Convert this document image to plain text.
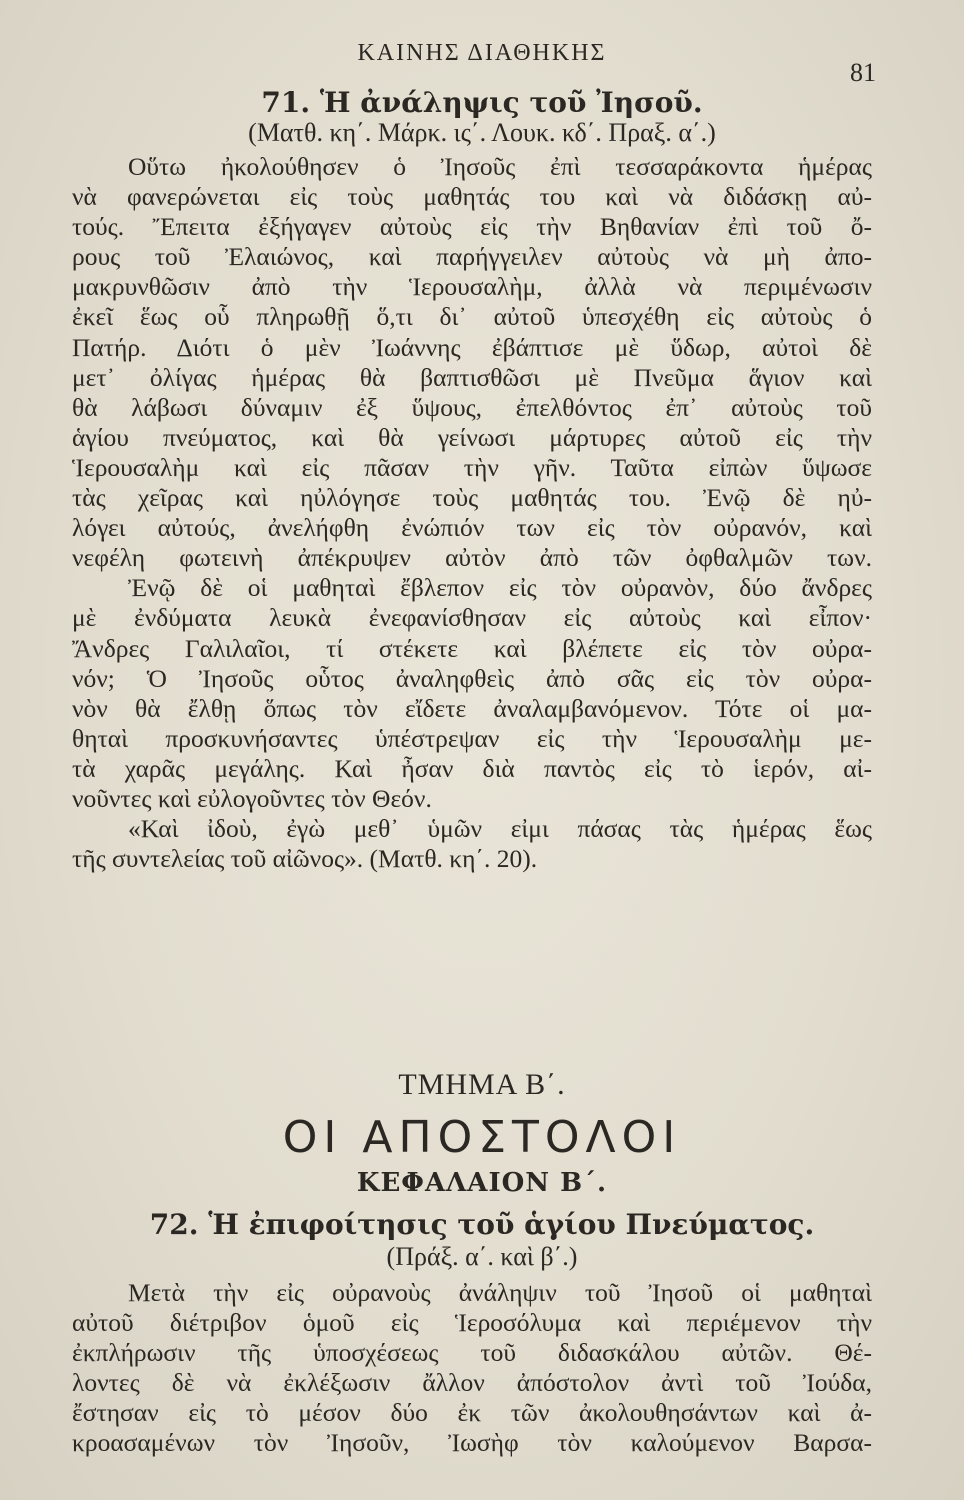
ΚΑΙΝΗΣ ΔΙΑΘΗΚΗΣ
81
71. Ἡ ἀνάληψις τοῦ Ἰησοῦ.
(Ματθ. κη΄. Μάρκ. ις΄. Λουκ. κδ΄. Πραξ. α΄.)
Οὕτω ἠκολούθησεν ὁ Ἰησοῦς ἐπὶ τεσσαράκοντα ἡμέρας
νὰ φανερώνεται εἰς τοὺς μαθητάς του καὶ νὰ διδάσκῃ αὐ-
τούς. Ἔπειτα ἐξήγαγεν αὐτοὺς εἰς τὴν Βηθανίαν ἐπὶ τοῦ ὄ-
ρους τοῦ Ἐλαιώνος, καὶ παρήγγειλεν αὐτοὺς νὰ μὴ ἀπο-
μακρυνθῶσιν ἀπὸ τὴν Ἱερουσαλὴμ, ἀλλὰ νὰ περιμένωσιν
ἐκεῖ ἕως οὗ πληρωθῇ ὅ,τι δι᾽ αὐτοῦ ὑπεσχέθη εἰς αὐτοὺς ὁ
Πατήρ. Διότι ὁ μὲν Ἰωάννης ἐβάπτισε μὲ ὕδωρ, αὐτοὶ δὲ
μετ᾽ ὀλίγας ἡμέρας θὰ βαπτισθῶσι μὲ Πνεῦμα ἅγιον καὶ
θὰ λάβωσι δύναμιν ἐξ ὕψους, ἐπελθόντος ἐπ᾽ αὐτοὺς τοῦ
ἁγίου πνεύματος, καὶ θὰ γείνωσι μάρτυρες αὐτοῦ εἰς τὴν
Ἱερουσαλὴμ καὶ εἰς πᾶσαν τὴν γῆν. Ταῦτα εἰπὼν ὕψωσε
τὰς χεῖρας καὶ ηὐλόγησε τοὺς μαθητάς του. Ἐνῷ δὲ ηὐ-
λόγει αὐτούς, ἀνελήφθη ἐνώπιόν των εἰς τὸν οὐρανόν, καὶ
νεφέλη φωτεινὴ ἀπέκρυψεν αὐτὸν ἀπὸ τῶν ὀφθαλμῶν των.
Ἐνῷ δὲ οἱ μαθηταὶ ἔβλεπον εἰς τὸν οὐρανὸν, δύο ἄνδρες
μὲ ἐνδύματα λευκὰ ἐνεφανίσθησαν εἰς αὐτοὺς καὶ εἶπον·
Ἄνδρες Γαλιλαῖοι, τί στέκετε καὶ βλέπετε εἰς τὸν οὐρα-
νόν; Ὁ Ἰησοῦς οὗτος ἀναληφθεὶς ἀπὸ σᾶς εἰς τὸν οὐρα-
νὸν θὰ ἔλθῃ ὅπως τὸν εἴδετε ἀναλαμβανόμενον. Τότε οἱ μα-
θηταὶ προσκυνήσαντες ὑπέστρεψαν εἰς τὴν Ἱερουσαλὴμ με-
τὰ χαρᾶς μεγάλης. Καὶ ἦσαν διὰ παντὸς εἰς τὸ ἱερόν, αἰ-
νοῦντες καὶ εὐλογοῦντες τὸν Θεόν.
«Καὶ ἰδοὺ, ἐγὼ μεθ᾽ ὑμῶν εἰμι πάσας τὰς ἡμέρας ἕως
τῆς συντελείας τοῦ αἰῶνος». (Ματθ. κη΄. 20).
ΤΜΗΜΑ Β΄.
ΟΙ ΑΠΟΣΤΟΛΟΙ
ΚΕΦΑΛΑΙΟΝ Β΄.
72. Ἡ ἐπιφοίτησις τοῦ ἁγίου Πνεύματος.
(Πράξ. α΄. καὶ β΄.)
Μετὰ τὴν εἰς οὐρανοὺς ἀνάληψιν τοῦ Ἰησοῦ οἱ μαθηταὶ
αὐτοῦ διέτριβον ὁμοῦ εἰς Ἱεροσόλυμα καὶ περιέμενον τὴν
ἐκπλήρωσιν τῆς ὑποσχέσεως τοῦ διδασκάλου αὐτῶν. Θέ-
λοντες δὲ νὰ ἐκλέξωσιν ἄλλον ἀπόστολον ἀντὶ τοῦ Ἰούδα,
ἔστησαν εἰς τὸ μέσον δύο ἐκ τῶν ἀκολουθησάντων καὶ ἀ-
κροασαμένων τὸν Ἰησοῦν, Ἰωσὴφ τὸν καλούμενον Βαρσα-
